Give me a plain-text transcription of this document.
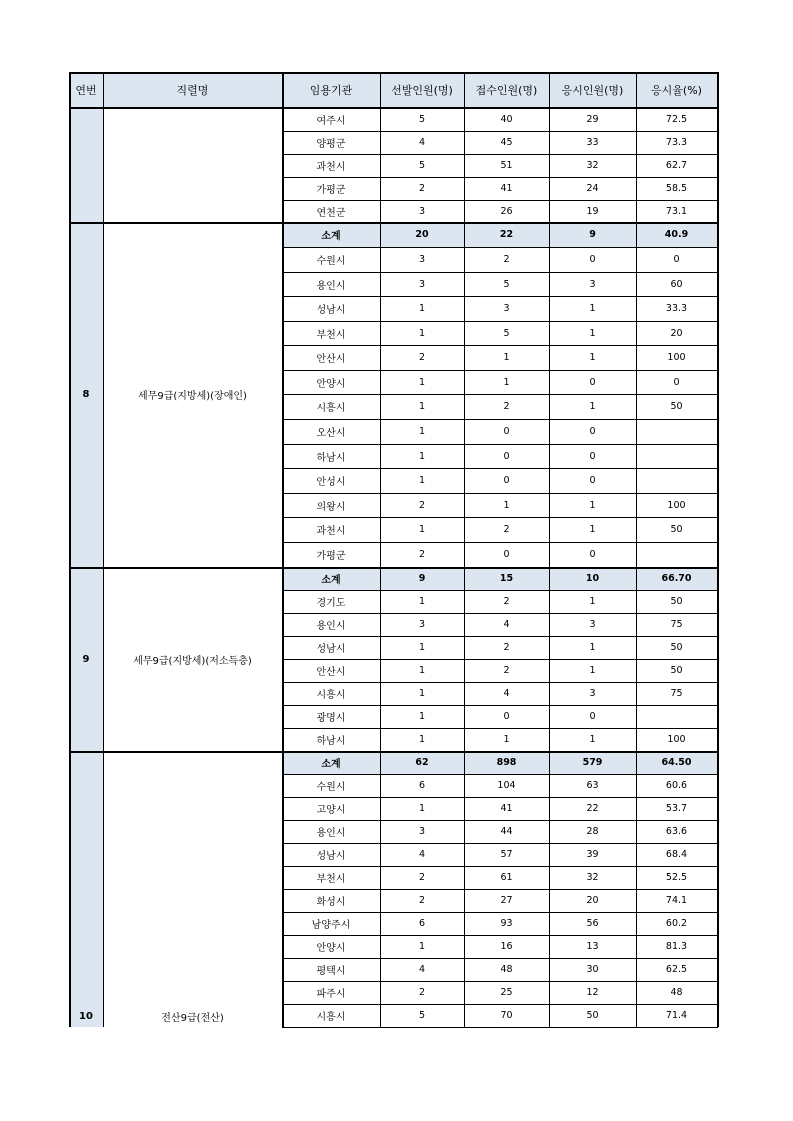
연번	직렬명	임용기관	선발인원(명)	접수인원(명)	응시인원(명)	응시율(%)
여주시	5	40	29	72.5
양평군	4	45	33	73.3
과천시	5	51	32	62.7
가평군	2	41	24	58.5
연천군	3	26	19	73.1
8	세무9급(지방세)(장애인)
소계	20	22	9	40.9
수원시	3	2	0	0
용인시	3	5	3	60
성남시	1	3	1	33.3
부천시	1	5	1	20
안산시	2	1	1	100
안양시	1	1	0	0
시흥시	1	2	1	50
오산시	1	0	0
하남시	1	0	0
안성시	1	0	0
의왕시	2	1	1	100
과천시	1	2	1	50
가평군	2	0	0
9	세무9급(지방세)(저소득층)
소계	9	15	10	66.70
경기도	1	2	1	50
용인시	3	4	3	75
성남시	1	2	1	50
안산시	1	2	1	50
시흥시	1	4	3	75
광명시	1	0	0
하남시	1	1	1	100
10	전산9급(전산)
소계	62	898	579	64.50
수원시	6	104	63	60.6
고양시	1	41	22	53.7
용인시	3	44	28	63.6
성남시	4	57	39	68.4
부천시	2	61	32	52.5
화성시	2	27	20	74.1
남양주시	6	93	56	60.2
안양시	1	16	13	81.3
평택시	4	48	30	62.5
파주시	2	25	12	48
시흥시	5	70	50	71.4
